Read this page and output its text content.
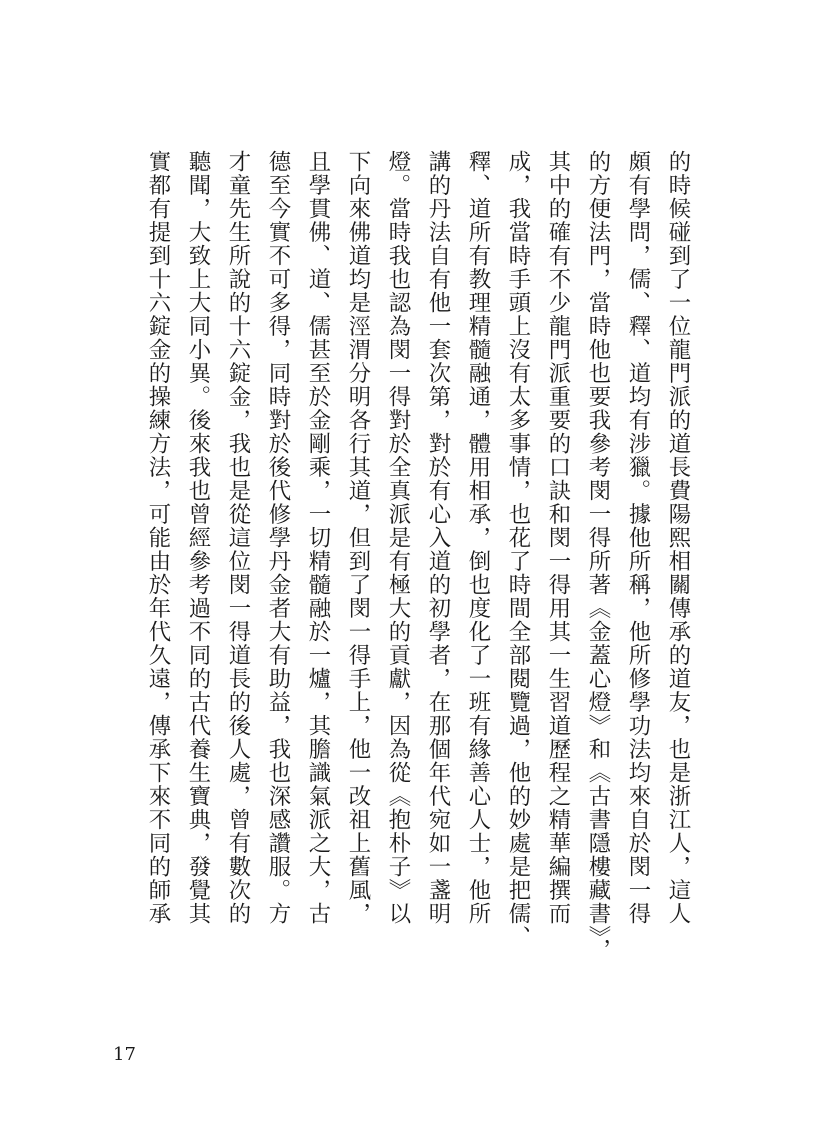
的時候碰到了一位龍門派的道長費陽熙相關傳承的道友，也是浙江人，這人
頗有學問，儒、釋、道均有涉獵。據他所稱，他所修學功法均來自於閔一得
的方便法門，當時他也要我參考閔一得所著《金蓋心燈》和《古書隱樓藏書》，
其中的確有不少龍門派重要的口訣和閔一得用其一生習道歷程之精華編撰而
成，我當時手頭上沒有太多事情，也花了時間全部閱覽過，他的妙處是把儒、
釋、道所有教理精髓融通，體用相承，倒也度化了一班有緣善心人士，他所
講的丹法自有他一套次第，對於有心入道的初學者，在那個年代宛如一盞明
燈。當時我也認為閔一得對於全真派是有極大的貢獻，因為從《抱朴子》以
下向來佛道均是涇渭分明各行其道，但到了閔一得手上，他一改祖上舊風，
且學貫佛、道、儒甚至於金剛乘，一切精髓融於一爐，其膽識氣派之大，古
德至今實不可多得，同時對於後代修學丹金者大有助益，我也深感讚服。方
才童先生所說的十六錠金，我也是從這位閔一得道長的後人處，曾有數次的
聽聞，大致上大同小異。後來我也曾經參考過不同的古代養生寶典，發覺其
實都有提到十六錠金的操練方法，可能由於年代久遠，傳承下來不同的師承
17
